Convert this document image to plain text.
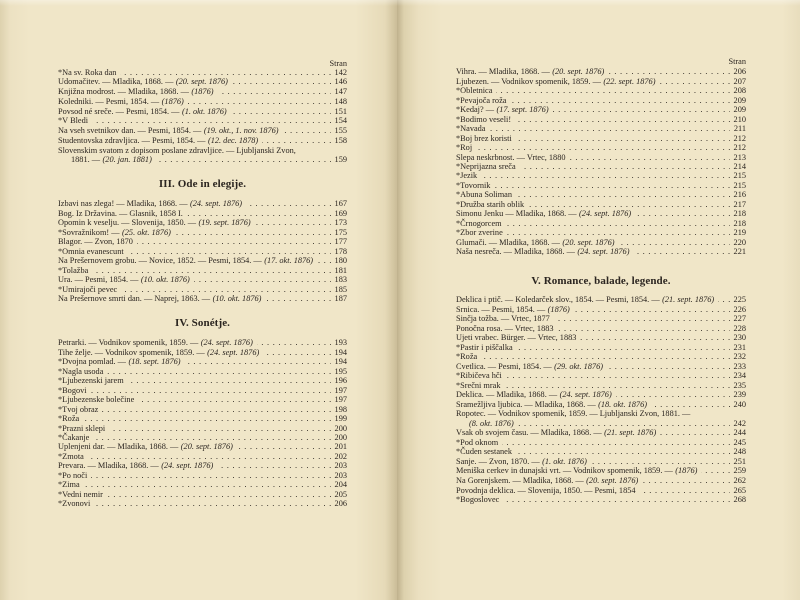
Stran
*Na sv. Roka dan	142
Udomačitev. — Mladika, 1868. — (20. sept. 1876)	146
Knjižna modrost. — Mladika, 1868. — (1876)	147
Koledniki. — Pesmi, 1854. — (1876)	148
Povsod né sreče. — Pesmi, 1854. — (1. okt. 1876)	151
*V Bledi	154
Na vseh svetnikov dan. — Pesmi, 1854. — (19. okt., 1. nov. 1876)	155
Studentovska zdravljica. — Pesmi, 1854. — (12. dec. 1878)	158
Slovenskim svatom z dopisom poslane zdravljice. — Ljubljanski Zvon,
1881. — (20. jan. 1881)	159
III. Ode in elegije.
Izbavi nas zlega! — Mladika, 1868. — (24. sept. 1876)	167
Bog. Iz Državina. — Glasnik, 1858 I.	169
Opomin k veselju. — Slovenija, 1850. — (19. sept. 1876)	173
*Sovražnikom! — (25. okt. 1876)	175
Blagor. — Zvon, 1870	177
*Omnia evanescunt	178
Na Prešernovem grobu. — Novice, 1852. — Pesmi, 1854. — (17. okt. 1876)	180
*Tolažba	181
Ura. — Pesmi, 1854. — (10. okt. 1876)	183
*Umirajoči pevec	185
Na Prešernove smrti dan. — Naprej, 1863. — (10. okt. 1876)	187
IV. Sonétje.
Petrarki. — Vodnikov spomenik, 1859. — (24. sept. 1876)	193
Tihe želje. — Vodnikov spomenik, 1859. — (24. sept. 1876)	194
*Dvojna pomlad. — (18. sept. 1876)	194
*Nagla usoda	195
*Ljubezenski jarem	196
*Bogovi	197
*Ljubezenske bolečine	197
*Tvoj obraz	198
*Roža	199
*Prazni sklepi	200
*Čakanje	200
Uplenjeni dar. — Mladika, 1868. — (20. sept. 1876)	201
*Zmota	202
Prevara. — Mladika, 1868. — (24. sept. 1876)	203
*Po noči	203
*Zima	204
*Vedni nemir	205
*Zvonovi	206
Stran
Vihra. — Mladika, 1868. — (20. sept. 1876)	206
Ljubezen. — Vodnikov spomenik, 1859. — (22. sept. 1876)	207
*Obletnica	208
*Pevajoča roža	209
*Kedaj? — (17. sept. 1876)	209
*Bodimo veseli!	210
*Navada	211
*Boj brez koristi	212
*Roj	212
Slepa neskrbnost. — Vrtec, 1880	213
*Neprijazna sreča	214
*Jezik	215
*Tovornik	215
*Abuna Soliman	216
*Družba starih oblik	217
Simonu Jenku — Mladika, 1868. — (24. sept. 1876)	218
*Črnogorcem	218
*Zbor zverine	219
Glumači. — Mladika, 1868. — (20. sept. 1876)	220
Naša nesreča. — Mladika, 1868. — (24. sept. 1876)	221
V. Romance, balade, legende.
Deklica i ptič. — Koledarček slov., 1854. — Pesmi, 1854. — (21. sept. 1876) 225
Srnica. — Pesmi, 1854. — (1876)	226
Sinčja tožba. — Vrtec, 1877	227
Ponočna rosa. — Vrtec, 1883	228
Ujeti vrabec. Bürger. — Vrtec, 1883	230
*Pastir i piščalka	231
*Roža	232
Cvetlica. — Pesmi, 1854. — (29. okt. 1876)	233
*Ribičeva hči	234
*Srečni mrak	235
Deklica. — Mladika, 1868. — (24. sept. 1876)	239
Sramežljiva ljubica. — Mladika, 1868. — (18. okt. 1876)	240
Ropotec. — Vodnikov spomenik, 1859. — Ljubljanski Zvon, 1881. —
(8. okt. 1876)	242
Vsak ob svojem času. — Mladika, 1868. — (21. sept. 1876)	244
*Pod oknom	245
*Čuden sestanek	248
Sanje. — Zvon, 1870. — (1. okt. 1876)	251
Meniška cerkev in dunajski vrt. — Vodnikov spomenik, 1859. — (1876)	259
Na Gorenjskem. — Mladika, 1868. — (20. sept. 1876)	262
Povodnja deklica. — Slovenija, 1850. — Pesmi, 1854	265
*Bogoslovec	268
